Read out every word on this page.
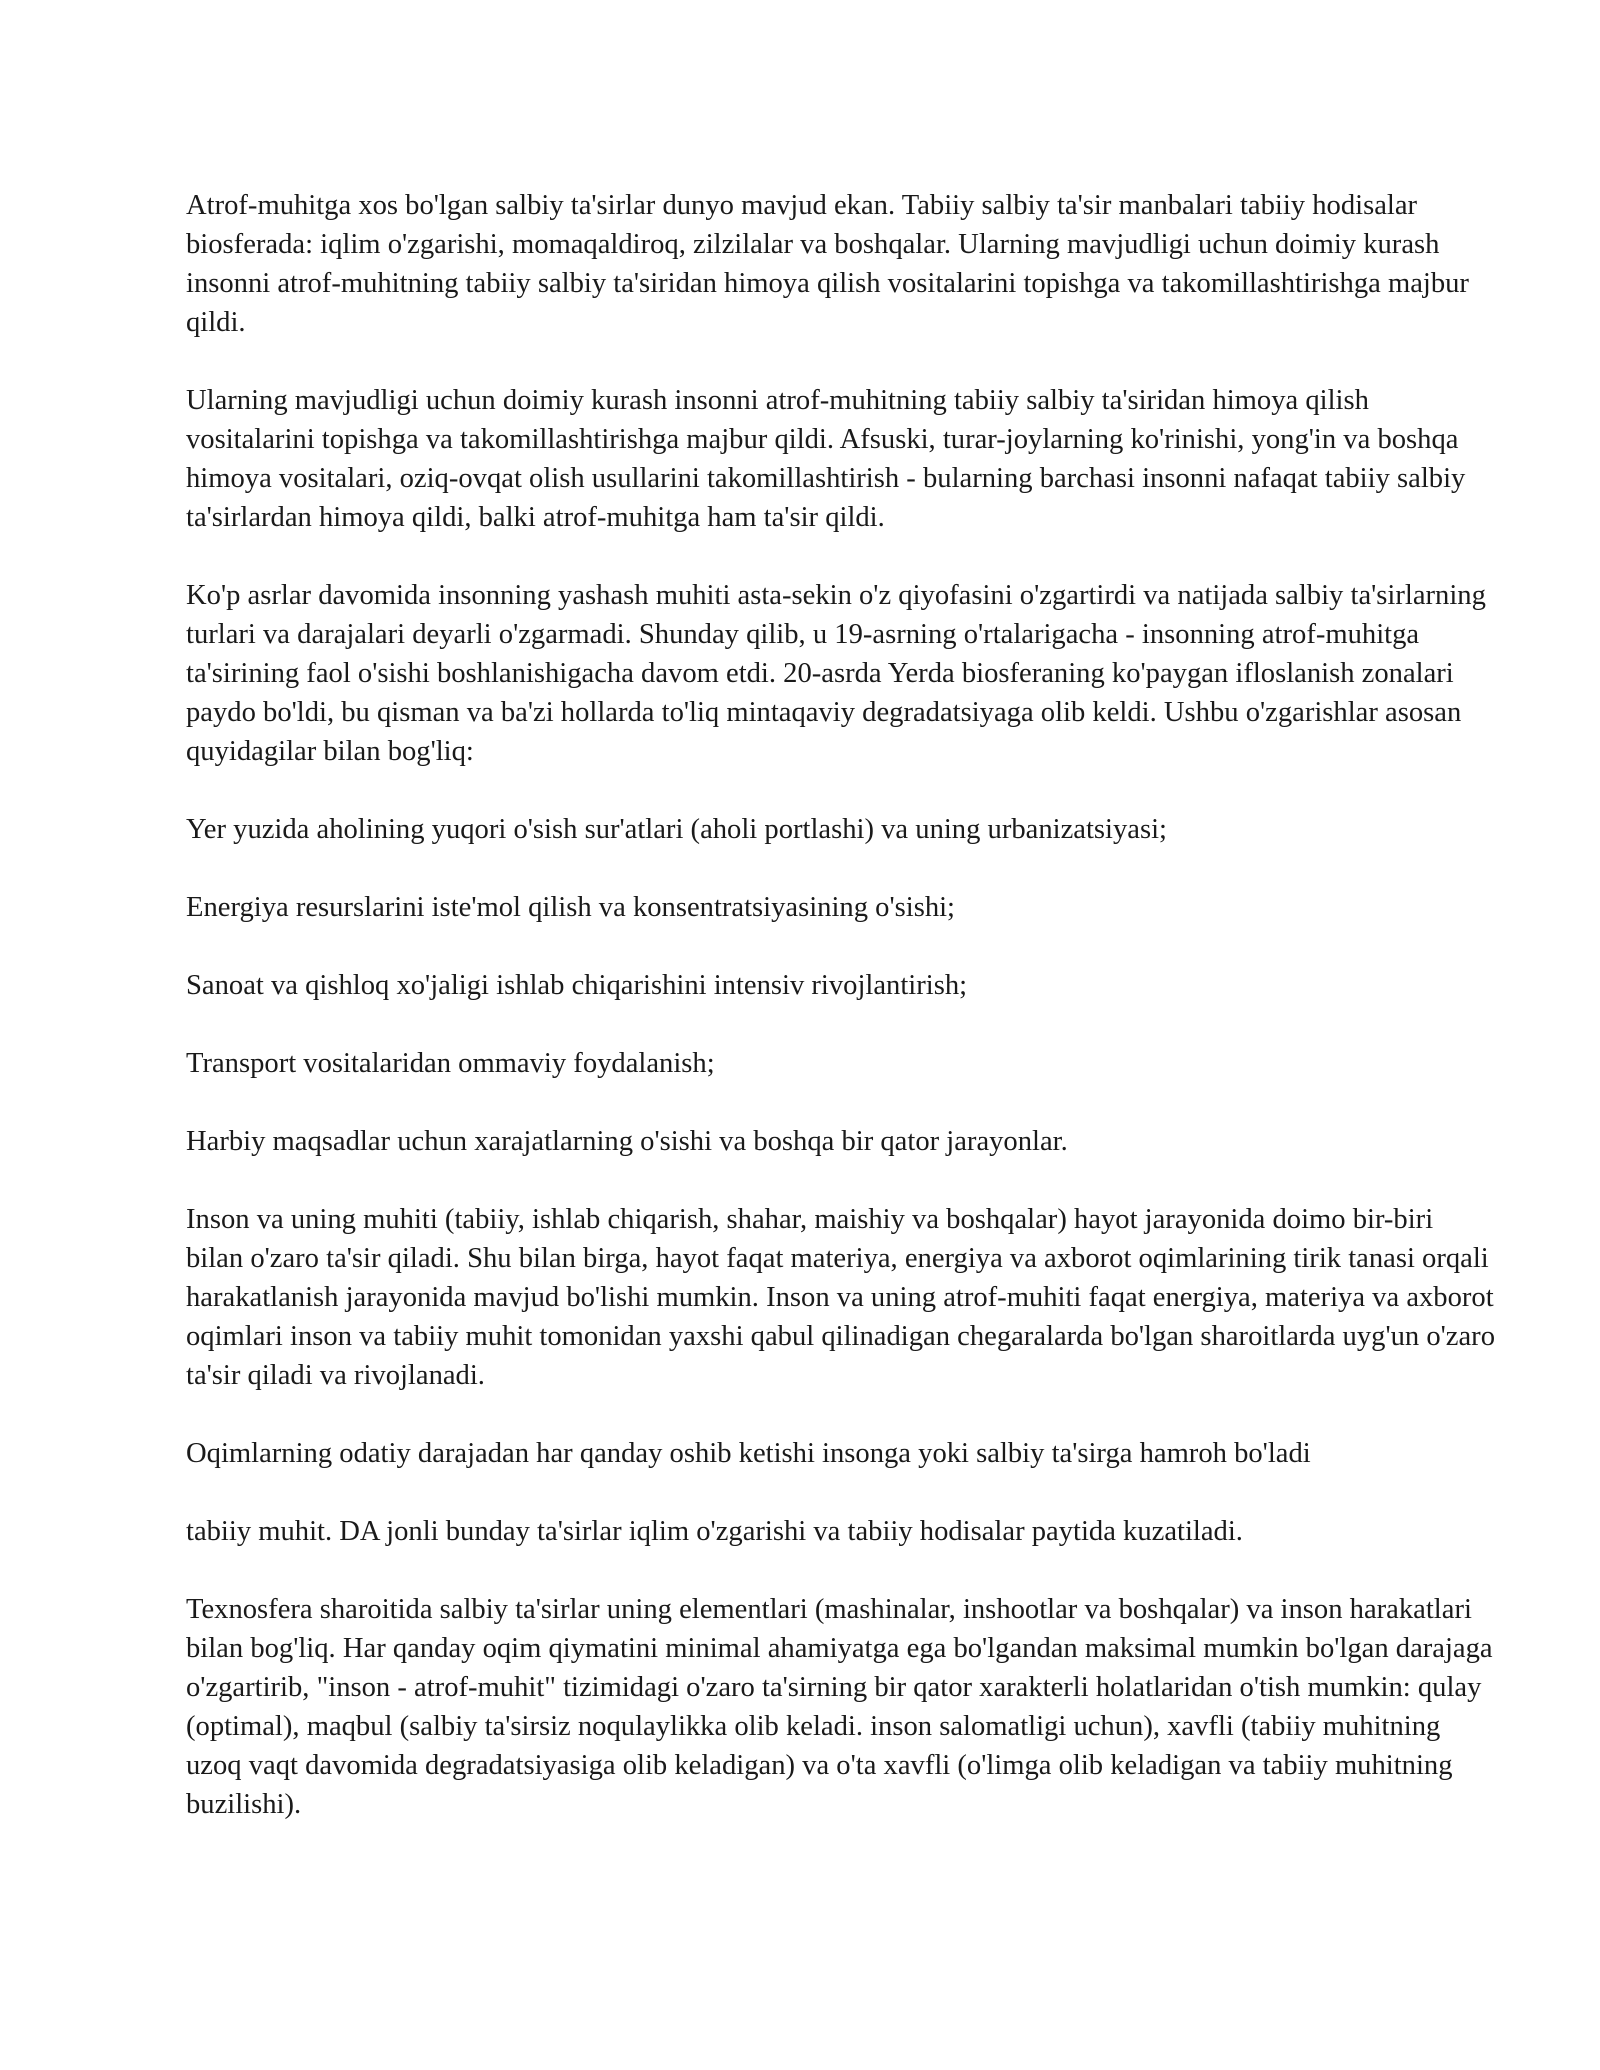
Atrof-muhitga xos bo'lgan salbiy ta'sirlar dunyo mavjud ekan. Tabiiy salbiy ta'sir manbalari tabiiy hodisalar biosferada: iqlim o'zgarishi, momaqaldiroq, zilzilalar va boshqalar. Ularning mavjudligi uchun doimiy kurash insonni atrof-muhitning tabiiy salbiy ta'siridan himoya qilish vositalarini topishga va takomillashtirishga majbur qildi.

Ularning mavjudligi uchun doimiy kurash insonni atrof-muhitning tabiiy salbiy ta'siridan himoya qilish vositalarini topishga va takomillashtirishga majbur qildi. Afsuski, turar-joylarning ko'rinishi, yong'in va boshqa himoya vositalari, oziq-ovqat olish usullarini takomillashtirish - bularning barchasi insonni nafaqat tabiiy salbiy ta'sirlardan himoya qildi, balki atrof-muhitga ham ta'sir qildi.

Ko'p asrlar davomida insonning yashash muhiti asta-sekin o'z qiyofasini o'zgartirdi va natijada salbiy ta'sirlarning turlari va darajalari deyarli o'zgarmadi. Shunday qilib, u 19-asrning o'rtalarigacha - insonning atrof-muhitga ta'sirining faol o'sishi boshlanishigacha davom etdi. 20-asrda Yerda biosferaning ko'paygan ifloslanish zonalari paydo bo'ldi, bu qisman va ba'zi hollarda to'liq mintaqaviy degradatsiyaga olib keldi. Ushbu o'zgarishlar asosan quyidagilar bilan bog'liq:

Yer yuzida aholining yuqori o'sish sur'atlari (aholi portlashi) va uning urbanizatsiyasi;

Energiya resurslarini iste'mol qilish va konsentratsiyasining o'sishi;

Sanoat va qishloq xo'jaligi ishlab chiqarishini intensiv rivojlantirish;

Transport vositalaridan ommaviy foydalanish;

Harbiy maqsadlar uchun xarajatlarning o'sishi va boshqa bir qator jarayonlar.

Inson va uning muhiti (tabiiy, ishlab chiqarish, shahar, maishiy va boshqalar) hayot jarayonida doimo bir-biri bilan o'zaro ta'sir qiladi. Shu bilan birga, hayot faqat materiya, energiya va axborot oqimlarining tirik tanasi orqali harakatlanish jarayonida mavjud bo'lishi mumkin. Inson va uning atrof-muhiti faqat energiya, materiya va axborot oqimlari inson va tabiiy muhit tomonidan yaxshi qabul qilinadigan chegaralarda bo'lgan sharoitlarda uyg'un o'zaro ta'sir qiladi va rivojlanadi.

Oqimlarning odatiy darajadan har qanday oshib ketishi insonga yoki salbiy ta'sirga hamroh bo'ladi

tabiiy muhit. DA jonli bunday ta'sirlar iqlim o'zgarishi va tabiiy hodisalar paytida kuzatiladi.

Texnosfera sharoitida salbiy ta'sirlar uning elementlari (mashinalar, inshootlar va boshqalar) va inson harakatlari bilan bog'liq. Har qanday oqim qiymatini minimal ahamiyatga ega bo'lgandan maksimal mumkin bo'lgan darajaga o'zgartirib, "inson - atrof-muhit" tizimidagi o'zaro ta'sirning bir qator xarakterli holatlaridan o'tish mumkin: qulay (optimal), maqbul (salbiy ta'sirsiz noqulaylikka olib keladi. inson salomatligi uchun), xavfli (tabiiy muhitning uzoq vaqt davomida degradatsiyasiga olib keladigan) va o'ta xavfli (o'limga olib keladigan va tabiiy muhitning buzilishi).
